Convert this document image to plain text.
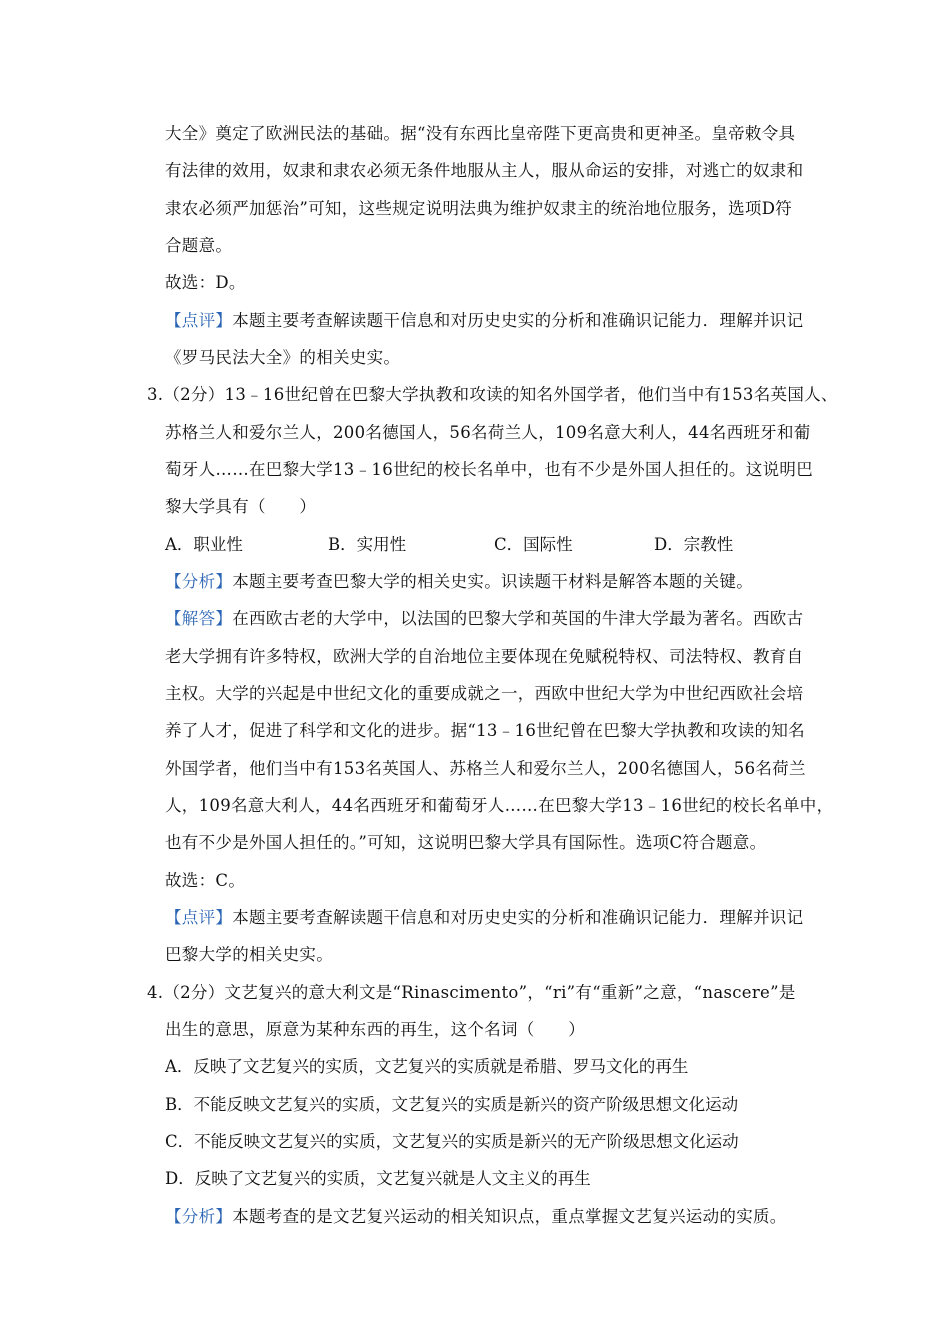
大全》奠定了欧洲民法的基础。据“没有东西比皇帝陛下更高贵和更神圣。皇帝敕令具
有法律的效用，奴隶和隶农必须无条件地服从主人，服从命运的安排，对逃亡的奴隶和
隶农必须严加惩治”可知，这些规定说明法典为维护奴隶主的统治地位服务，选项D符
合题意。
故选：D。
【点评】本题主要考查解读题干信息和对历史史实的分析和准确识记能力．理解并识记
《罗马民法大全》的相关史实。
3.（2分）13﹣16世纪曾在巴黎大学执教和攻读的知名外国学者，他们当中有153名英国人、
苏格兰人和爱尔兰人，200名德国人，56名荷兰人，109名意大利人，44名西班牙和葡
萄牙人……在巴黎大学13﹣16世纪的校长名单中，也有不少是外国人担任的。这说明巴
黎大学具有（　　）
A．职业性	B．实用性	C．国际性	D．宗教性
【分析】本题主要考查巴黎大学的相关史实。识读题干材料是解答本题的关键。
【解答】在西欧古老的大学中，以法国的巴黎大学和英国的牛津大学最为著名。西欧古
老大学拥有许多特权，欧洲大学的自治地位主要体现在免赋税特权、司法特权、教育自
主权。大学的兴起是中世纪文化的重要成就之一，西欧中世纪大学为中世纪西欧社会培
养了人才，促进了科学和文化的进步。据“13﹣16世纪曾在巴黎大学执教和攻读的知名
外国学者，他们当中有153名英国人、苏格兰人和爱尔兰人，200名德国人，56名荷兰
人，109名意大利人，44名西班牙和葡萄牙人……在巴黎大学13﹣16世纪的校长名单中，
也有不少是外国人担任的。”可知，这说明巴黎大学具有国际性。选项C符合题意。
故选：C。
【点评】本题主要考查解读题干信息和对历史史实的分析和准确识记能力．理解并识记
巴黎大学的相关史实。
4.（2分）文艺复兴的意大利文是“Rinascimento”，“ri”有“重新”之意，“nascere”是
出生的意思，原意为某种东西的再生，这个名词（　　）
A．反映了文艺复兴的实质，文艺复兴的实质就是希腊、罗马文化的再生
B．不能反映文艺复兴的实质，文艺复兴的实质是新兴的资产阶级思想文化运动
C．不能反映文艺复兴的实质，文艺复兴的实质是新兴的无产阶级思想文化运动
D．反映了文艺复兴的实质，文艺复兴就是人文主义的再生
【分析】本题考查的是文艺复兴运动的相关知识点，重点掌握文艺复兴运动的实质。
